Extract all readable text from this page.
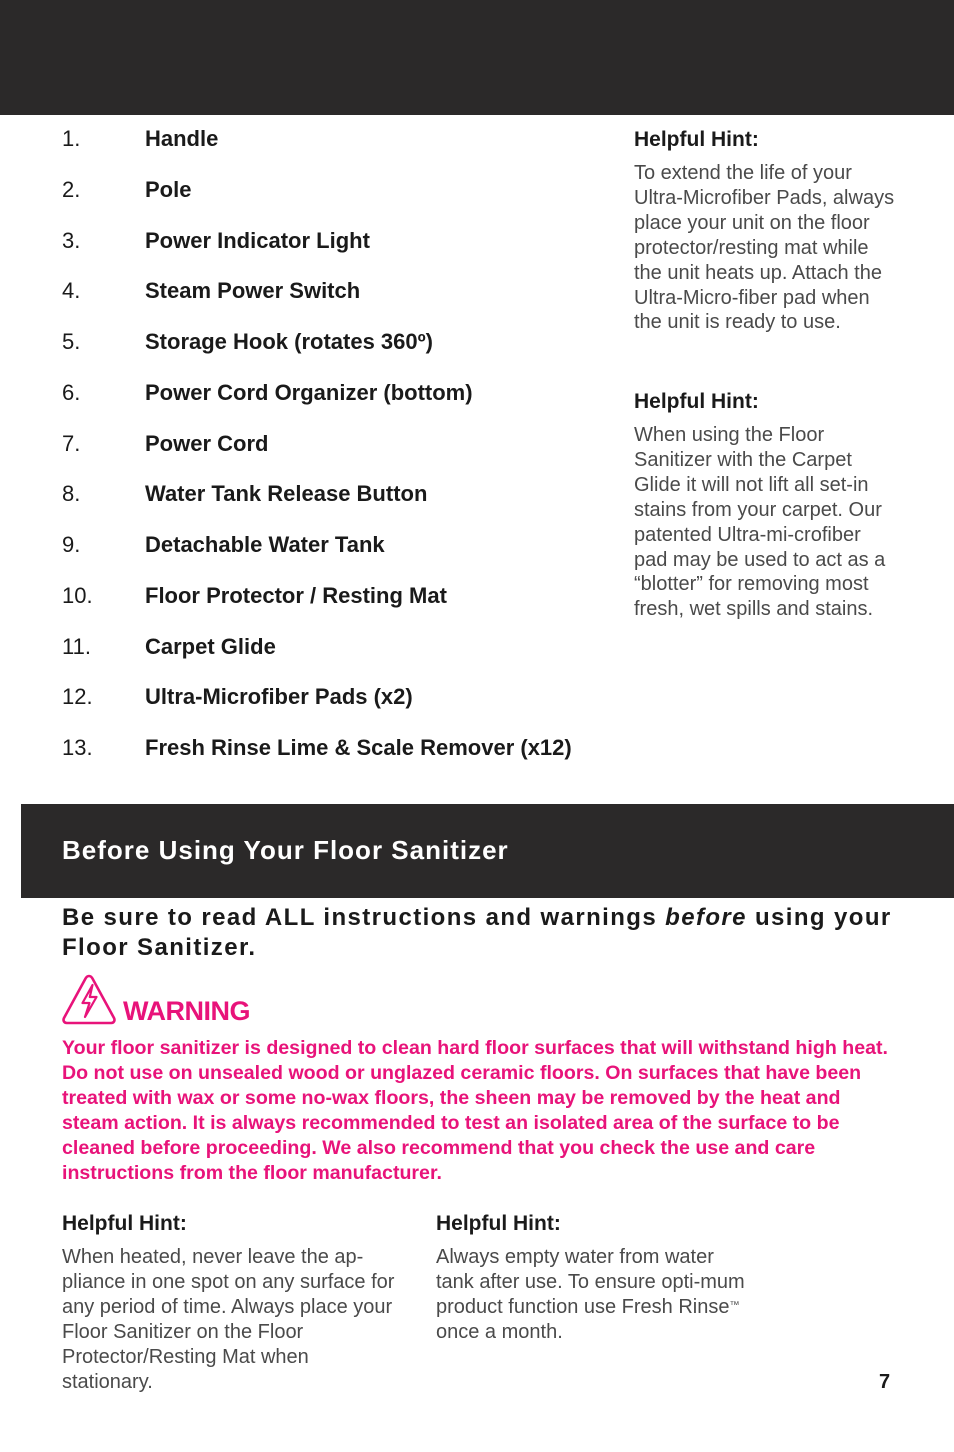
1.	Handle
2.	Pole
3.	Power Indicator Light
4.	Steam Power Switch
5.	Storage Hook (rotates 360º)
6.	Power Cord Organizer (bottom)
7.	Power Cord
8.	Water Tank Release Button
9.	Detachable Water Tank
10.	Floor Protector / Resting Mat
11.	Carpet Glide
12.	Ultra-Microfiber Pads (x2)
13.	Fresh Rinse Lime & Scale Remover (x12)
Helpful Hint:

To extend the life of your Ultra-Microfiber Pads, always place your unit on the floor protector/resting mat while the unit heats up. Attach the Ultra-Micro-fiber pad when the unit is ready to use.

Helpful Hint:

When using the Floor Sanitizer with the Carpet Glide it will not lift all set-in stains from your carpet. Our patented Ultra-mi-crofiber pad may be used to act as a “blotter” for removing most fresh, wet spills and stains.

Before Using Your Floor Sanitizer

Be sure to read ALL instructions and warnings before using your Floor Sanitizer.

WARNING

Your floor sanitizer is designed to clean hard floor surfaces that will withstand high heat. Do not use on unsealed wood or unglazed ceramic floors. On surfaces that have been treated with wax or some no-wax floors, the sheen may be removed by the heat and steam action. It is always recommended to test an isolated area of the surface to be cleaned before proceeding. We also recommend that you check the use and care instructions from the floor manufacturer.

Helpful Hint:

When heated, never leave the ap-pliance in one spot on any surface for any period of time. Always place your Floor Sanitizer on the Floor Protector/Resting Mat when stationary.

Helpful Hint:

Always empty water from water tank after use. To ensure opti-mum product function use Fresh Rinse™ once a month.

7
